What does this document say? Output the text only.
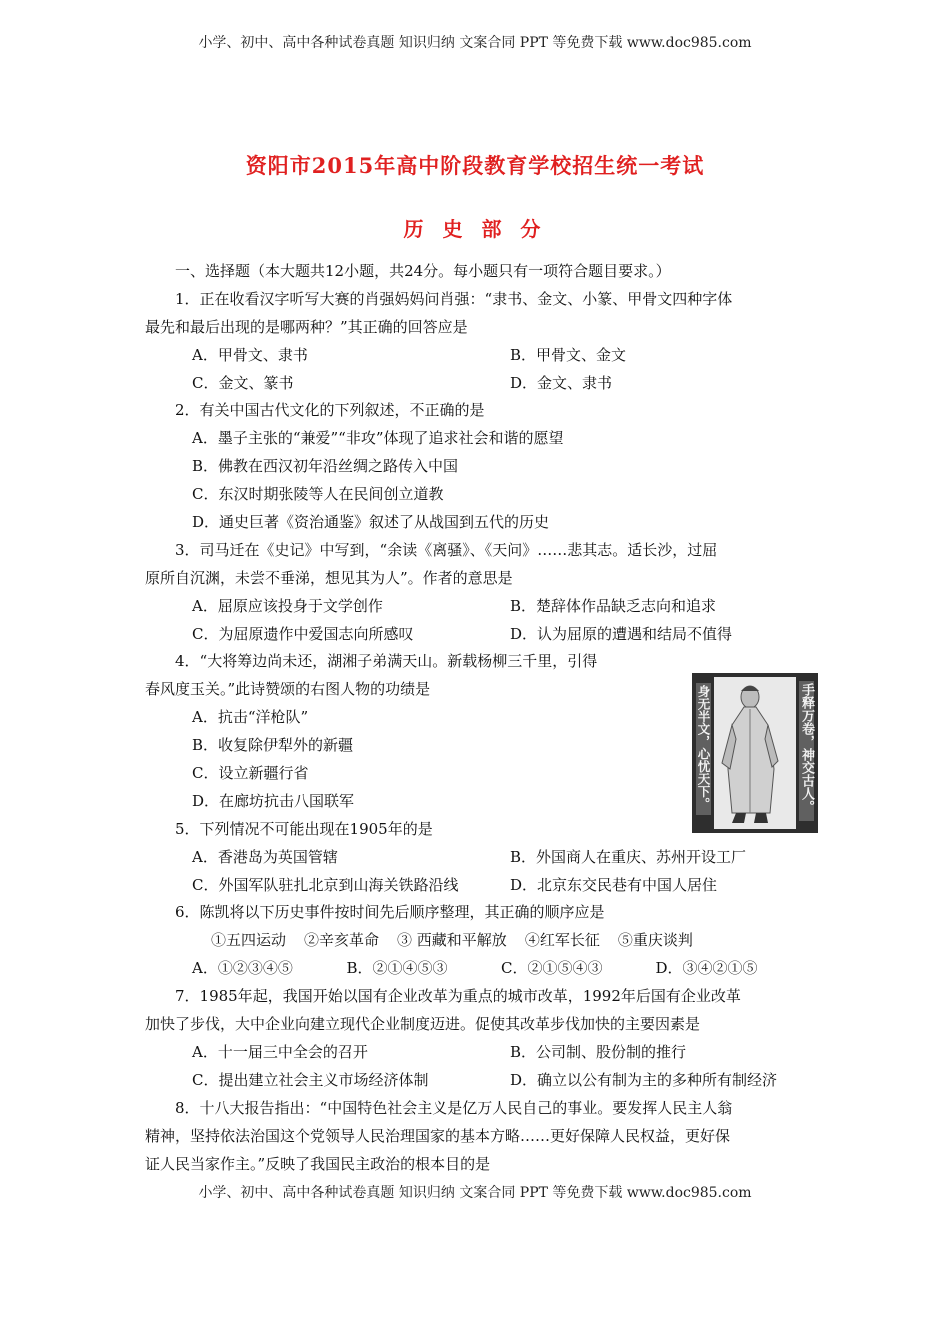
小学、初中、高中各种试卷真题 知识归纳 文案合同 PPT 等免费下载 www.doc985.com
资阳市2015年高中阶段教育学校招生统一考试
历 史 部 分
一、选择题（本大题共12小题，共24分。每小题只有一项符合题目要求。）
1．正在收看汉字听写大赛的肖强妈妈问肖强：“隶书、金文、小篆、甲骨文四种字体
最先和最后出现的是哪两种？”其正确的回答应是
A．甲骨文、隶书	B．甲骨文、金文
C．金文、篆书	D．金文、隶书
2．有关中国古代文化的下列叙述，不正确的是
A．墨子主张的“兼爱”“非攻”体现了追求社会和谐的愿望
B．佛教在西汉初年沿丝绸之路传入中国
C．东汉时期张陵等人在民间创立道教
D．通史巨著《资治通鉴》叙述了从战国到五代的历史
3．司马迁在《史记》中写到，“余读《离骚》、《天问》……悲其志。适长沙，过屈
原所自沉渊，未尝不垂涕，想见其为人”。作者的意思是
A．屈原应该投身于文学创作	B．楚辞体作品缺乏志向和追求
C．为屈原遗作中爱国志向所感叹	D．认为屈原的遭遇和结局不值得
4．“大将筹边尚未还，湖湘子弟满天山。新载杨柳三千里，引得
春风度玉关。”此诗赞颂的右图人物的功绩是
A．抗击“洋枪队”
B．收复除伊犁外的新疆
C．设立新疆行省
D．在廊坊抗击八国联军
5．下列情况不可能出现在1905年的是
A．香港岛为英国管辖	B．外国商人在重庆、苏州开设工厂
C．外国军队驻扎北京到山海关铁路沿线	D．北京东交民巷有中国人居住
6．陈凯将以下历史事件按时间先后顺序整理，其正确的顺序应是
①五四运动 ②辛亥革命 ③ 西藏和平解放 ④红军长征 ⑤重庆谈判
A．①②③④⑤	B．②①④⑤③	C．②①⑤④③	D．③④②①⑤
7．1985年起，我国开始以国有企业改革为重点的城市改革，1992年后国有企业改革
加快了步伐，大中企业向建立现代企业制度迈进。促使其改革步伐加快的主要因素是
A．十一届三中全会的召开	B．公司制、股份制的推行
C．提出建立社会主义市场经济体制	D．确立以公有制为主的多种所有制经济
8．十八大报告指出：“中国特色社会主义是亿万人民自己的事业。要发挥人民主人翁
精神，坚持依法治国这个党领导人民治理国家的基本方略……更好保障人民权益，更好保
证人民当家作主。”反映了我国民主政治的根本目的是
身无半文，心忧天下。	手释万卷，神交古人。
小学、初中、高中各种试卷真题 知识归纳 文案合同 PPT 等免费下载 www.doc985.com
